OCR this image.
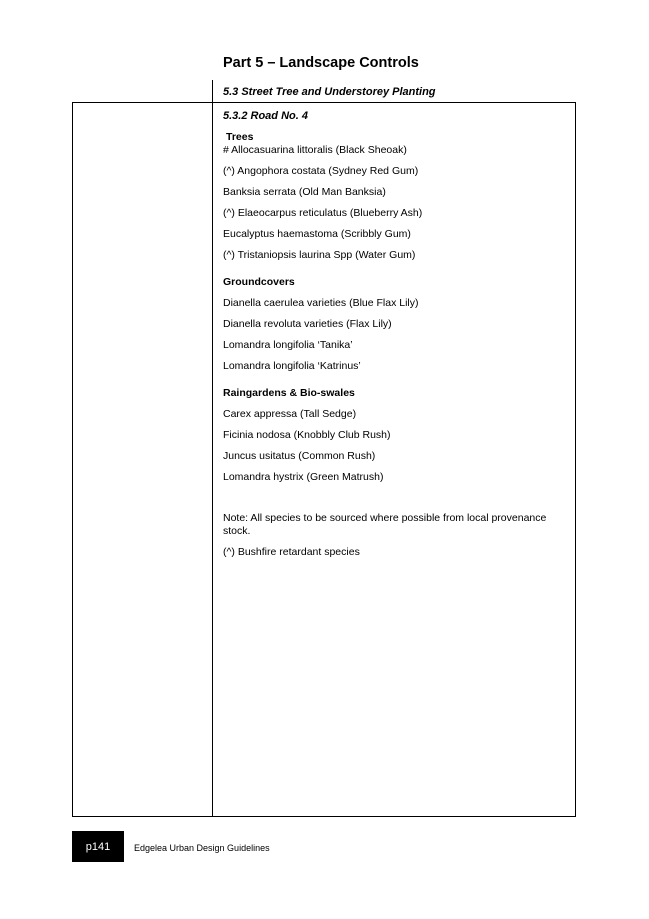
Part 5 – Landscape Controls
5.3 Street Tree and Understorey Planting

5.3.2 Road No. 4

Trees

# Allocasuarina littoralis (Black Sheoak)

(^) Angophora costata (Sydney Red Gum)

Banksia serrata (Old Man Banksia)

(^) Elaeocarpus reticulatus (Blueberry Ash)

Eucalyptus haemastoma (Scribbly Gum)

(^) Tristaniopsis laurina Spp (Water Gum)

Groundcovers

Dianella caerulea varieties (Blue Flax Lily)

Dianella revoluta varieties (Flax Lily)

Lomandra longifolia ‘Tanika’

Lomandra longifolia ‘Katrinus’

Raingardens & Bio-swales

Carex appressa (Tall Sedge)

Ficinia nodosa (Knobbly Club Rush)

Juncus usitatus (Common Rush)

Lomandra hystrix (Green Matrush)

Note: All species to be sourced where possible from local provenance stock.

(^) Bushfire retardant species

p141	Edgelea Urban Design Guidelines
